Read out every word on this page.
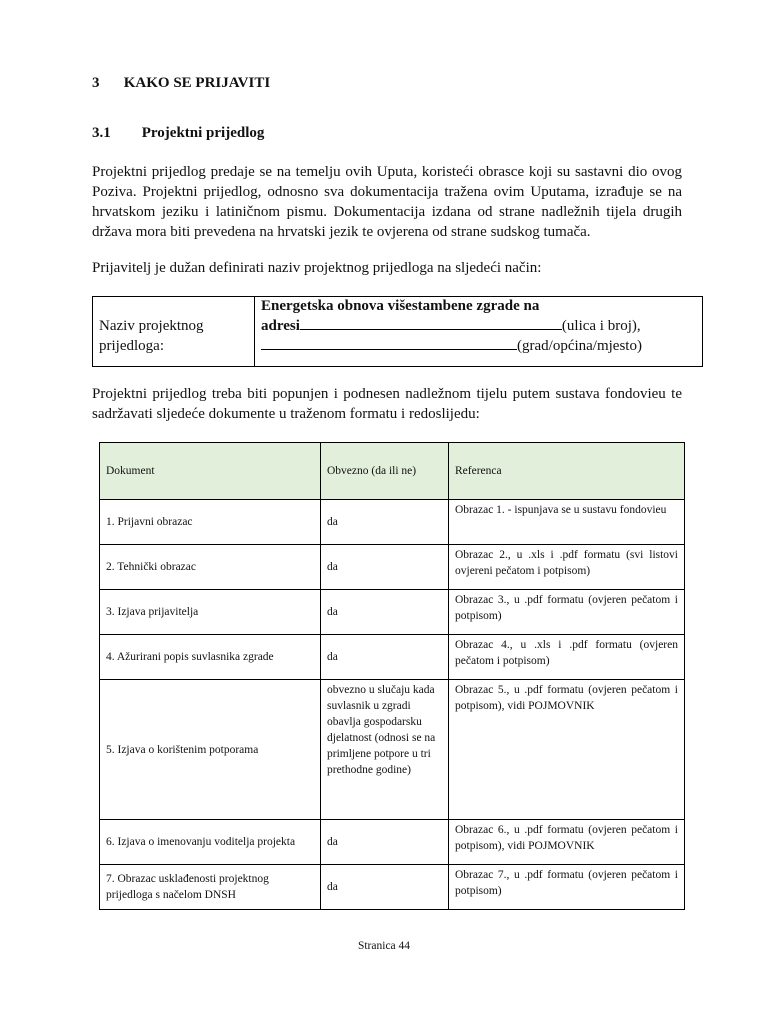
3 KAKO SE PRIJAVITI
3.1 Projektni prijedlog
Projektni prijedlog predaje se na temelju ovih Uputa, koristeći obrasce koji su sastavni dio ovog Poziva. Projektni prijedlog, odnosno sva dokumentacija tražena ovim Uputama, izrađuje se na hrvatskom jeziku i latiničnom pismu. Dokumentacija izdana od strane nadležnih tijela drugih država mora biti prevedena na hrvatski jezik te ovjerena od strane sudskog tumača.
Prijavitelj je dužan definirati naziv projektnog prijedloga na sljedeći način:
Naziv projektnog prijedloga:
Energetska obnova višestambene zgrade na
adresi	(ulica i broj),
(grad/općina/mjesto)
Projektni prijedlog treba biti popunjen i podnesen nadležnom tijelu putem sustava fondovieu te sadržavati sljedeće dokumente u traženom formatu i redoslijedu:
Dokument	Obvezno (da ili ne)	Referenca
1. Prijavni obrazac	da	Obrazac 1. - ispunjava se u sustavu fondovieu
2. Tehnički obrazac	da	Obrazac 2., u .xls i .pdf formatu (svi listovi ovjereni pečatom i potpisom)
3. Izjava prijavitelja	da	Obrazac 3., u .pdf formatu (ovjeren pečatom i potpisom)
4. Ažurirani popis suvlasnika zgrade	da	Obrazac 4., u .xls i .pdf formatu (ovjeren pečatom i potpisom)
5. Izjava o korištenim potporama	obvezno u slučaju kada suvlasnik u zgradi obavlja gospodarsku djelatnost (odnosi se na primljene potpore u tri prethodne godine)	Obrazac 5., u .pdf formatu (ovjeren pečatom i potpisom), vidi POJMOVNIK
6. Izjava o imenovanju voditelja projekta	da	Obrazac 6., u .pdf formatu (ovjeren pečatom i potpisom), vidi POJMOVNIK
7. Obrazac usklađenosti projektnog prijedloga s načelom DNSH	da	Obrazac 7., u .pdf formatu (ovjeren pečatom i potpisom)
Stranica 44
